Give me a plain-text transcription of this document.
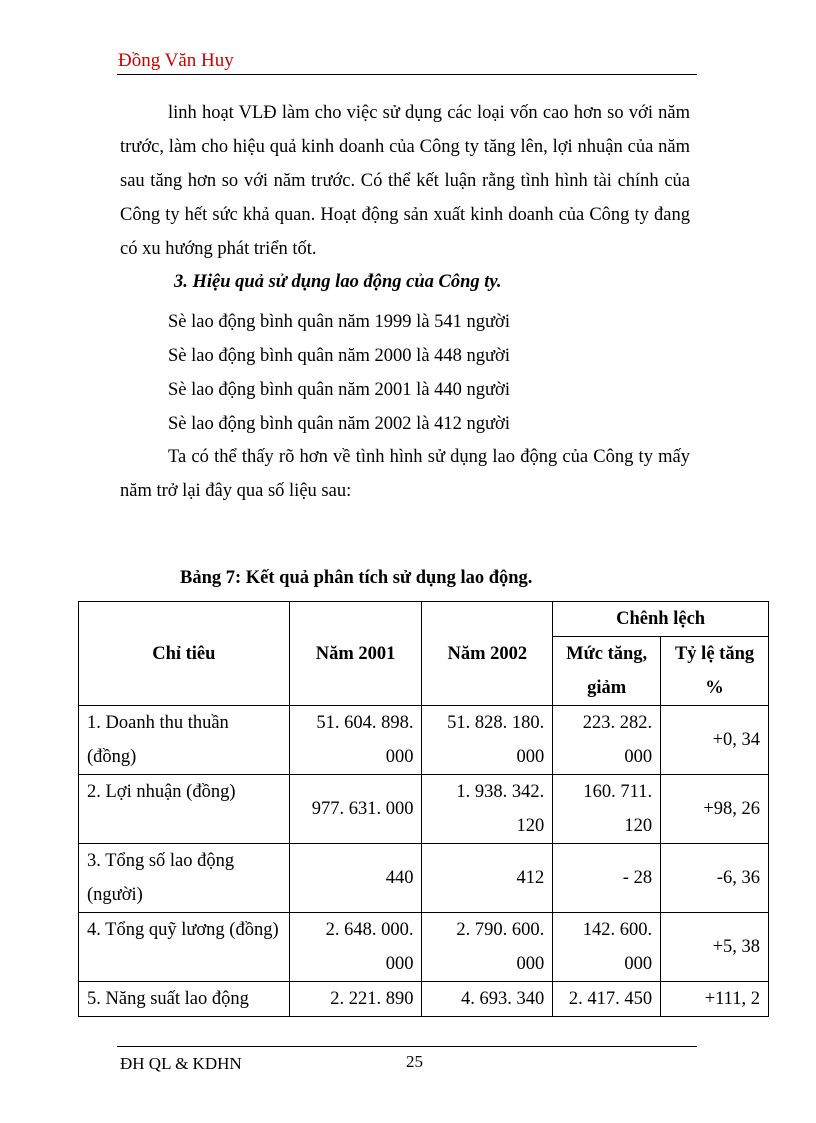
Đồng Văn Huy
linh hoạt VLĐ làm cho việc sử dụng các loại vốn cao hơn so với năm trước, làm cho hiệu quả kinh doanh của Công ty tăng lên, lợi nhuận của năm sau tăng hơn so với năm trước. Có thể kết luận rằng tình hình tài chính của Công ty hết sức khả quan. Hoạt động sản xuất kinh doanh của Công ty đang có xu hướng phát triển tốt.
3. Hiệu quả sử dụng lao động của Công ty.
Sè lao động bình quân năm 1999 là 541 người
Sè lao động bình quân năm 2000 là 448 người
Sè lao động bình quân năm 2001 là 440 người
Sè lao động bình quân năm 2002 là 412 người
Ta có thể thấy rõ hơn về tình hình sử dụng lao động của Công ty mấy năm trở lại đây qua số liệu sau:
Bảng 7: Kết quả phân tích sử dụng lao động.
Chỉ tiêu	Năm 2001	Năm 2002	Chênh lệch	
			Mức tăng, giảm	Tỷ lệ tăng %
1. Doanh thu thuần (đồng)	51. 604. 898. 000	51. 828. 180. 000	223. 282. 000	+0, 34
2. Lợi nhuận (đồng)	977. 631. 000	1. 938. 342. 120	160. 711. 120	+98, 26
3. Tổng số lao động (người)	440	412	- 28	-6, 36
4. Tổng quỹ lương (đồng)	2. 648. 000. 000	2. 790. 600. 000	142. 600. 000	+5, 38
5. Năng suất lao động	2. 221. 890	4. 693. 340	2. 417. 450	+111, 2
ĐH QL & KDHN	25
